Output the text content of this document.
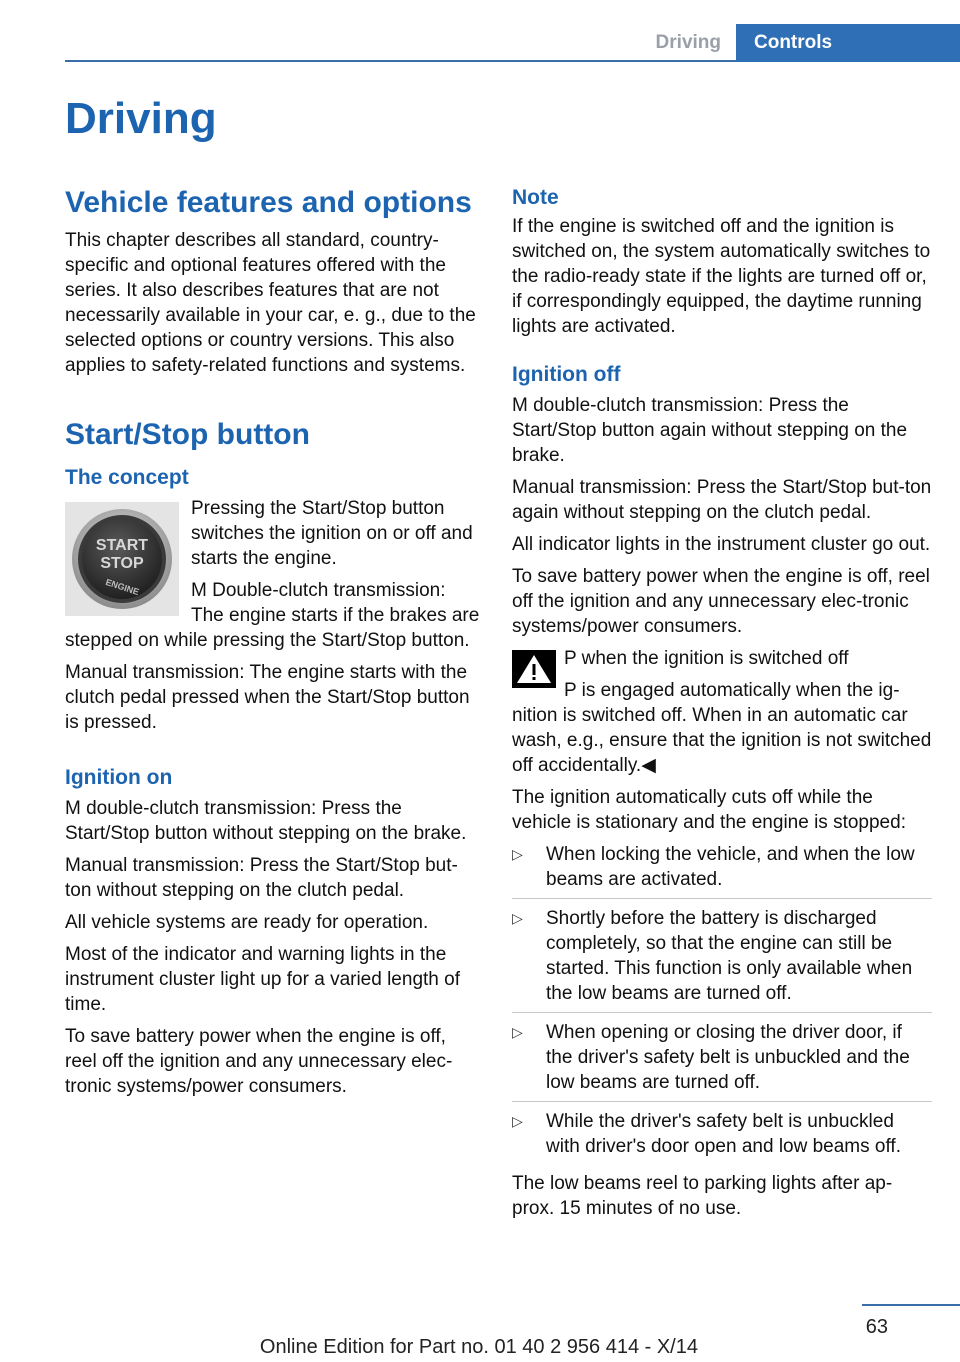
Driving	Controls
Driving
Vehicle features and options

This chapter describes all standard, country-specific and optional features offered with the series. It also describes features that are not necessarily available in your car, e. g., due to the selected options or country versions. This also applies to safety-related functions and systems.

Start/Stop button
The concept
START
STOP
ENGINE

Pressing the Start/Stop button switches the ignition on or off and starts the engine.

M Double-clutch transmission: The engine starts if the brakes are stepped on while pressing the Start/Stop button.

Manual transmission: The engine starts with the clutch pedal pressed when the Start/Stop button is pressed.

Ignition on

M double-clutch transmission: Press the Start/Stop button without stepping on the brake.

Manual transmission: Press the Start/Stop but-ton without stepping on the clutch pedal.

All vehicle systems are ready for operation.

Most of the indicator and warning lights in the instrument cluster light up for a varied length of time.

To save battery power when the engine is off, reel off the ignition and any unnecessary elec-tronic systems/power consumers.

Note

If the engine is switched off and the ignition is switched on, the system automatically switches to the radio-ready state if the lights are turned off or, if correspondingly equipped, the daytime running lights are activated.

Ignition off

M double-clutch transmission: Press the Start/Stop button again without stepping on the brake.

Manual transmission: Press the Start/Stop but-ton again without stepping on the clutch pedal.

All indicator lights in the instrument cluster go out.

To save battery power when the engine is off, reel off the ignition and any unnecessary elec-tronic systems/power consumers.

P when the ignition is switched off

P is engaged automatically when the ig-nition is switched off. When in an automatic car wash, e.g., ensure that the ignition is not switched off accidentally.◀

The ignition automatically cuts off while the vehicle is stationary and the engine is stopped:

▷ When locking the vehicle, and when the low beams are activated.
▷ Shortly before the battery is discharged completely, so that the engine can still be started. This function is only available when the low beams are turned off.
▷ When opening or closing the driver door, if the driver's safety belt is unbuckled and the low beams are turned off.
▷ While the driver's safety belt is unbuckled with driver's door open and low beams off.

The low beams reel to parking lights after ap-prox. 15 minutes of no use.

63
Online Edition for Part no. 01 40 2 956 414 - X/14
